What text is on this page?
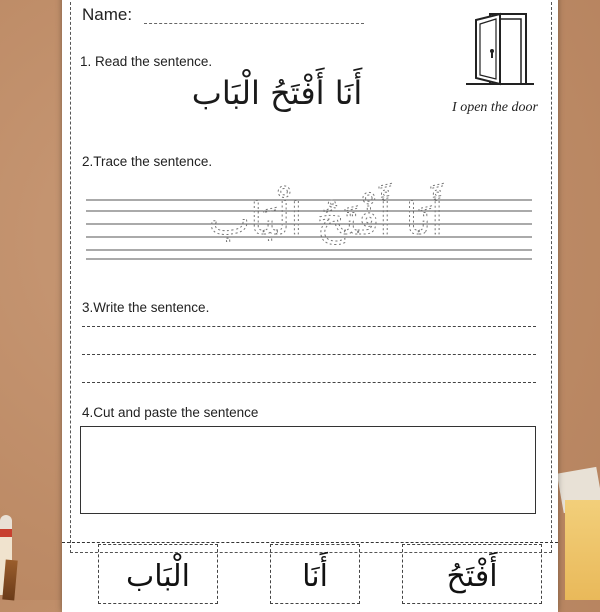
Name:
I open the door
1. Read the sentence.
أَنَا أَفْتَحُ الْبَاب
2.Trace the sentence.
أَنَا أَفْتَحُ الْبَاب
3.Write the sentence.
4.Cut and paste the sentence
الْبَاب	أَنَا	أَفْتَحُ
